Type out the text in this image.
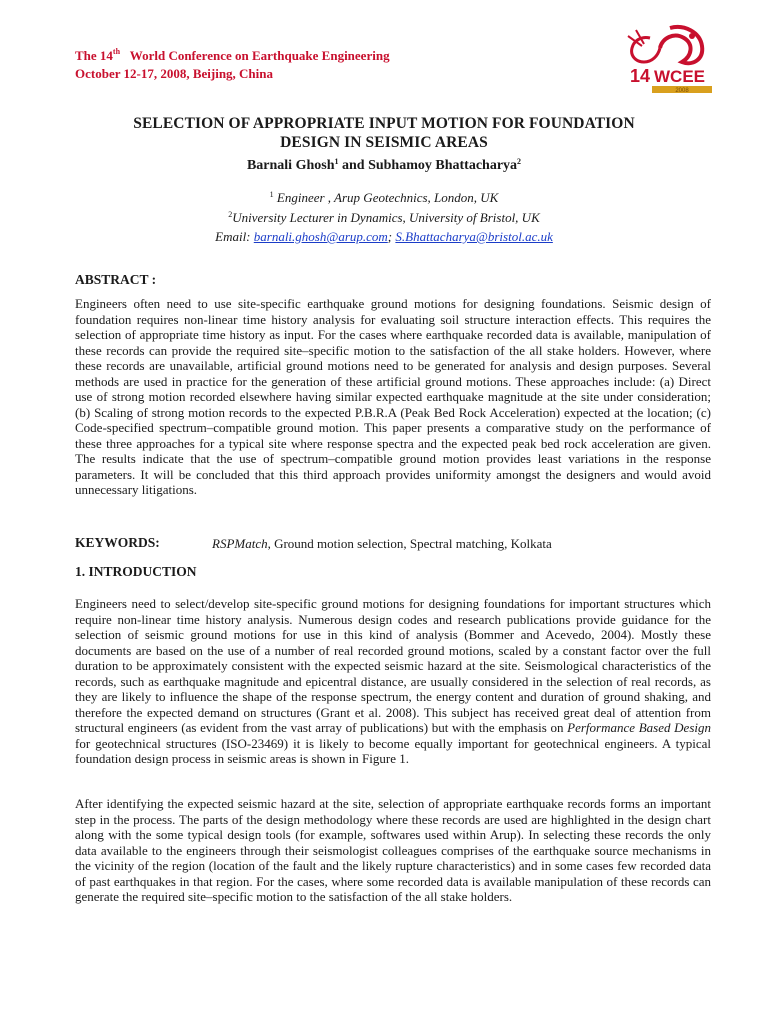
The 14th World Conference on Earthquake Engineering
October 12-17, 2008, Beijing, China	14 WCEE
2008
SELECTION OF APPROPRIATE INPUT MOTION FOR FOUNDATION
DESIGN IN SEISMIC AREAS
Barnali Ghosh$^1$ and Subhamoy Bhattacharya$^2$
$^1$ Engineer , Arup Geotechnics, London, UK
$^2$University Lecturer in Dynamics, University of Bristol, UK
Email: barnali.ghosh@arup.com; S.Bhattacharya@bristol.ac.uk
ABSTRACT :
Engineers often need to use site-specific earthquake ground motions for designing foundations. Seismic design of foundation requires non-linear time history analysis for evaluating soil structure interaction effects. This requires the selection of appropriate time history as input. For the cases where earthquake recorded data is available, manipulation of these records can provide the required site–specific motion to the satisfaction of the all stake holders. However, where these records are unavailable, artificial ground motions need to be generated for analysis and design purposes. Several methods are used in practice for the generation of these artificial ground motions. These approaches include: (a) Direct use of strong motion recorded elsewhere having similar expected earthquake magnitude at the site under consideration; (b) Scaling of strong motion records to the expected P.B.R.A (Peak Bed Rock Acceleration) expected at the location; (c) Code-specified spectrum–compatible ground motion. This paper presents a comparative study on the performance of these three approaches for a typical site where response spectra and the expected peak bed rock acceleration are given. The results indicate that the use of spectrum–compatible ground motion provides least variations in the response parameters. It will be concluded that this third approach provides uniformity amongst the designers and would avoid unnecessary litigations.
KEYWORDS:	RSPMatch, Ground motion selection, Spectral matching, Kolkata
1. INTRODUCTION
Engineers need to select/develop site-specific ground motions for designing foundations for important structures which require non-linear time history analysis. Numerous design codes and research publications provide guidance for the selection of seismic ground motions for use in this kind of analysis (Bommer and Acevedo, 2004). Mostly these documents are based on the use of a number of real recorded ground motions, scaled by a constant factor over the full duration to be approximately consistent with the expected seismic hazard at the site. Seismological characteristics of the records, such as earthquake magnitude and epicentral distance, are usually considered in the selection of real records, as they are likely to influence the shape of the response spectrum, the energy content and duration of ground shaking, and therefore the expected demand on structures (Grant et al. 2008). This subject has received great deal of attention from structural engineers (as evident from the vast array of publications) but with the emphasis on Performance Based Design for geotechnical structures (ISO-23469) it is likely to become equally important for geotechnical engineers. A typical foundation design process in seismic areas is shown in Figure 1.
After identifying the expected seismic hazard at the site, selection of appropriate earthquake records forms an important step in the process. The parts of the design methodology where these records are used are highlighted in the design chart along with the some typical design tools (for example, softwares used within Arup). In selecting these records the only data available to the engineers through their seismologist colleagues comprises of the earthquake source mechanisms in the vicinity of the region (location of the fault and the likely rupture characteristics) and in some cases few recorded data of past earthquakes in that region. For the cases, where some recorded data is available manipulation of these records can generate the required site–specific motion to the satisfaction of the all stake holders.
